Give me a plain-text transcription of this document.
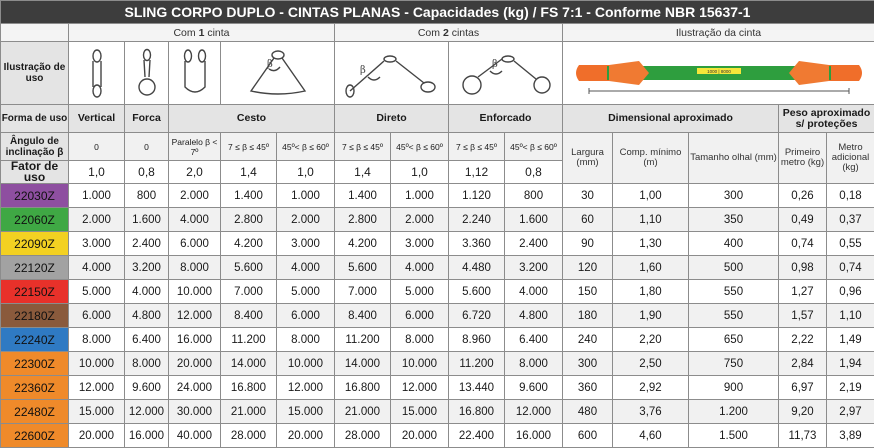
SLING CORPO DUPLO - CINTAS PLANAS - Capacidades (kg) / FS 7:1 - Conforme NBR 15637-1														
	Com 1 cinta					Com 2 cintas				Ilustração da cinta				
Ilustração de uso				β		β		β		1000 | 8000				

Forma de uso	Vertical	Forca	Cesto			Direto		Enforcado		Dimensional aproximado			Peso aproximado s/ proteções	
Ângulo de inclinação β	0	0	Paralelo β < 7º	7 ≤ β ≤ 45º	45º< β ≤ 60º	7 ≤ β ≤ 45º	45º< β ≤ 60º	7 ≤ β ≤ 45º	45º< β ≤ 60º	Largura (mm)	Comp. mínimo (m)	Tamanho olhal (mm)	Primeiro metro (kg)	Metro adicional (kg)
Fator de uso	1,0	0,8	2,0	1,4	1,0	1,4	1,0	1,12	0,8					
22030Z	1.000	800	2.000	1.400	1.000	1.400	1.000	1.120	800	30	1,00	300	0,26	0,18
22060Z	2.000	1.600	4.000	2.800	2.000	2.800	2.000	2.240	1.600	60	1,10	350	0,49	0,37
22090Z	3.000	2.400	6.000	4.200	3.000	4.200	3.000	3.360	2.400	90	1,30	400	0,74	0,55
22120Z	4.000	3.200	8.000	5.600	4.000	5.600	4.000	4.480	3.200	120	1,60	500	0,98	0,74
22150Z	5.000	4.000	10.000	7.000	5.000	7.000	5.000	5.600	4.000	150	1,80	550	1,27	0,96
22180Z	6.000	4.800	12.000	8.400	6.000	8.400	6.000	6.720	4.800	180	1,90	550	1,57	1,10
22240Z	8.000	6.400	16.000	11.200	8.000	11.200	8.000	8.960	6.400	240	2,20	650	2,22	1,49
22300Z	10.000	8.000	20.000	14.000	10.000	14.000	10.000	11.200	8.000	300	2,50	750	2,84	1,94
22360Z	12.000	9.600	24.000	16.800	12.000	16.800	12.000	13.440	9.600	360	2,92	900	6,97	2,19
22480Z	15.000	12.000	30.000	21.000	15.000	21.000	15.000	16.800	12.000	480	3,76	1.200	9,20	2,97
22600Z	20.000	16.000	40.000	28.000	20.000	28.000	20.000	22.400	16.000	600	4,60	1.500	11,73	3,89
